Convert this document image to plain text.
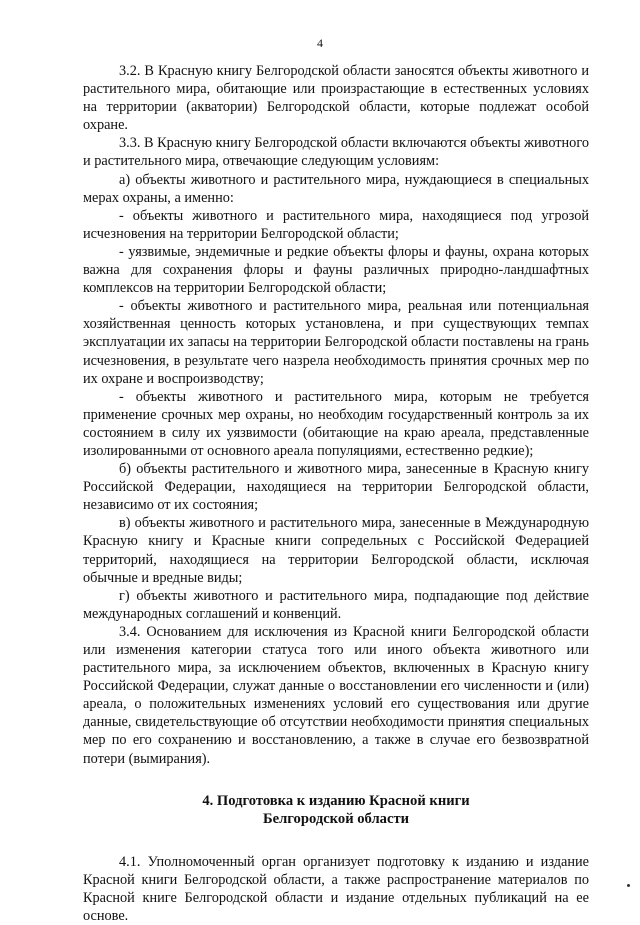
4

3.2. В Красную книгу Белгородской области заносятся объекты животного и растительного мира, обитающие или произрастающие в естественных условиях на территории (акватории) Белгородской области, которые подлежат особой охране.

3.3. В Красную книгу Белгородской области включаются объекты животного и растительного мира, отвечающие следующим условиям:

а) объекты животного и растительного мира, нуждающиеся в специальных мерах охраны, а именно:

- объекты животного и растительного мира, находящиеся под угрозой исчезновения на территории Белгородской области;

- уязвимые, эндемичные и редкие объекты флоры и фауны, охрана которых важна для сохранения флоры и фауны различных природно-ландшафтных комплексов на территории Белгородской области;

- объекты животного и растительного мира, реальная или потенциальная хозяйственная ценность которых установлена, и при существующих темпах эксплуатации их запасы на территории Белгородской области поставлены на грань исчезновения, в результате чего назрела необходимость принятия срочных мер по их охране и воспроизводству;

- объекты животного и растительного мира, которым не требуется применение срочных мер охраны, но необходим государственный контроль за их состоянием в силу их уязвимости (обитающие на краю ареала, представленные изолированными от основного ареала популяциями, естественно редкие);

б) объекты растительного и животного мира, занесенные в Красную книгу Российской Федерации, находящиеся на территории Белгородской области, независимо от их состояния;

в) объекты животного и растительного мира, занесенные в Международную Красную книгу и Красные книги сопредельных с Российской Федерацией территорий, находящиеся на территории Белгородской области, исключая обычные и вредные виды;

г) объекты животного и растительного мира, подпадающие под действие международных соглашений и конвенций.

3.4. Основанием для исключения из Красной книги Белгородской области или изменения категории статуса того или иного объекта животного или растительного мира, за исключением объектов, включенных в Красную книгу Российской Федерации, служат данные о восстановлении его численности и (или) ареала, о положительных изменениях условий его существования или другие данные, свидетельствующие об отсутствии необходимости принятия специальных мер по его сохранению и восстановлению, а также в случае его безвозвратной потери (вымирания).

4. Подготовка к изданию Красной книги
Белгородской области

4.1. Уполномоченный орган организует подготовку к изданию и издание Красной книги Белгородской области, а также распространение материалов по Красной книге Белгородской области и издание отдельных публикаций на ее основе.
